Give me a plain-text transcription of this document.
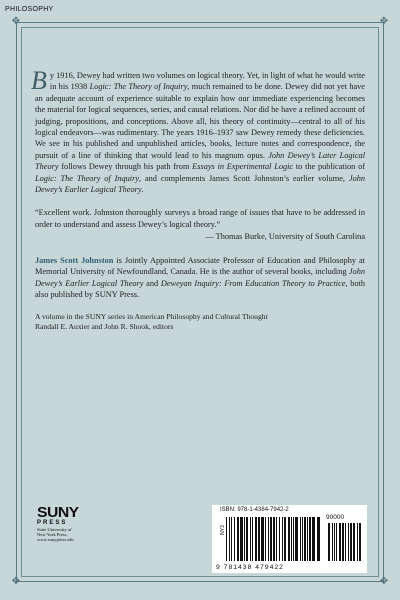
PHILOSOPHY
✥	✥
✥	✥

By 1916, Dewey had written two volumes on logical theory. Yet, in light of what he would write in his 1938 Logic: The Theory of Inquiry, much remained to be done. Dewey did not yet have an adequate account of experience suitable to explain how our immediate experiencing becomes the material for logical sequences, series, and causal relations. Nor did he have a refined account of judging, propositions, and conceptions. Above all, his theory of continuity—central to all of his logical endeavors—was rudimentary. The years 1916–1937 saw Dewey remedy these deficiencies. We see in his published and unpublished articles, books, lecture notes and correspondence, the pursuit of a line of thinking that would lead to his magnum opus. John Dewey’s Later Logical Theory follows Dewey through his path from Essays in Experimental Logic to the publication of Logic: The Theory of Inquiry, and complements James Scott Johnston’s earlier volume, John Dewey’s Earlier Logical Theory.

“Excellent work. Johnston thoroughly surveys a broad range of issues that have to be addressed in order to understand and assess Dewey’s logical theory.”

— Thomas Burke, University of South Carolina

James Scott Johnston is Jointly Appointed Associate Professor of Education and Philosophy at Memorial University of Newfoundland, Canada. He is the author of several books, including John Dewey’s Earlier Logical Theory and Deweyan Inquiry: From Education Theory to Practice, both also published by SUNY Press.

A volume in the SUNY series in American Philosophy and Cultural Thought
Randall E. Auxier and John R. Shook, editors
SUNY
PRESS
State University of
New York Press
www.sunypress.edu
ISBN: 978-1-4384-7942-2
90000
NY3
9 781438 479422
